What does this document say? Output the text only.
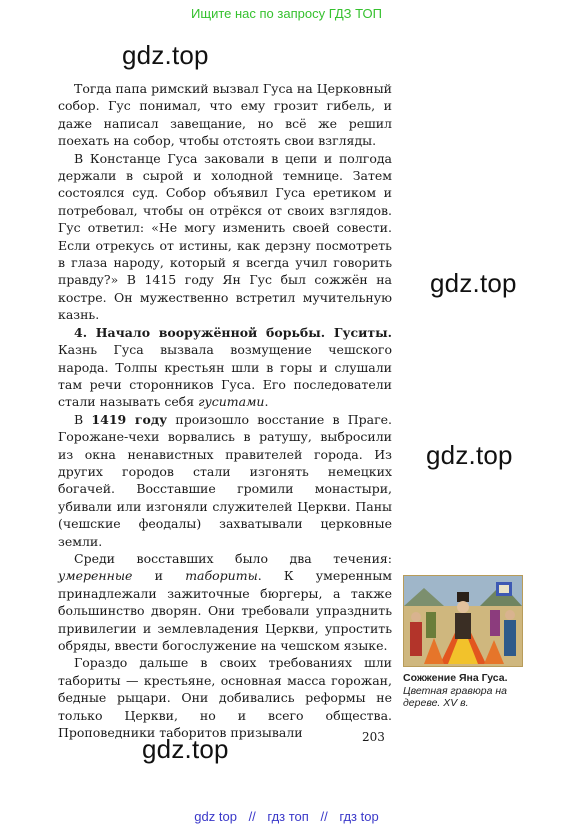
Ищите нас по запросу ГДЗ ТОП
gdz.top
gdz.top
gdz.top
gdz.top

Тогда папа римский вызвал Гуса на Церковный собор. Гус понимал, что ему грозит гибель, и даже написал завещание, но всё же решил поехать на собор, чтобы отстоять свои взгляды.

В Констанце Гуса заковали в цепи и полгода держали в сырой и холодной темнице. Затем состоялся суд. Собор объявил Гуса еретиком и потребовал, чтобы он отрёкся от своих взглядов. Гус ответил: «Не могу изменить своей совести. Если отрекусь от истины, как дерзну посмотреть в глаза народу, который я всегда учил говорить правду?» В 1415 году Ян Гус был сожжён на костре. Он мужественно встретил мучительную казнь.

4. Начало вооружённой борьбы. Гуситы. Казнь Гуса вызвала возмущение чешского народа. Толпы крестьян шли в горы и слушали там речи сторонников Гуса. Его последователи стали называть себя гуситами.

В 1419 году произошло восстание в Праге. Горожане-чехи ворвались в ратушу, выбросили из окна ненавистных правителей города. Из других городов стали изгонять немецких богачей. Восставшие громили монастыри, убивали или изгоняли служителей Церкви. Паны (чешские феодалы) захватывали церковные земли.

Среди восставших было два течения: умеренные и табориты. К умеренным принадлежали зажиточные бюргеры, а также большинство дворян. Они требовали упразднить привилегии и землевладения Церкви, упростить обряды, ввести богослужение на чешском языке.

Гораздо дальше в своих требованиях шли табориты — крестьяне, основная масса горожан, бедные рыцари. Они добивались реформы не только Церкви, но и всего общества. Проповедники таборитов призывали	203
Сожжение Яна Гуса. Цветная гравюра на дереве. XV в.
gdz top // гдз топ // гдз top
